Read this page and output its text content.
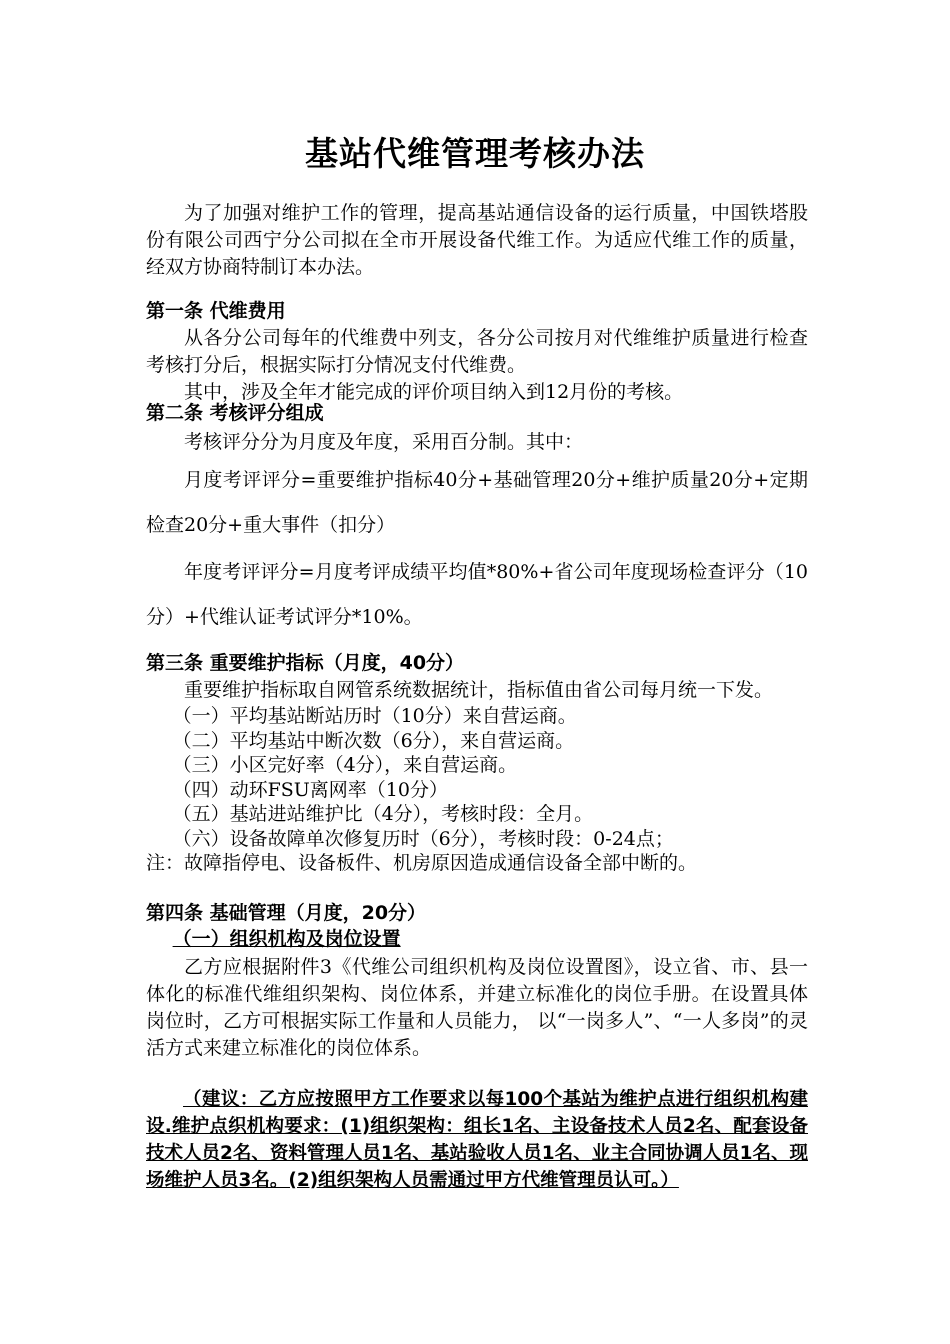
基站代维管理考核办法

为了加强对维护工作的管理，提高基站通信设备的运行质量，中国铁塔股份有限公司西宁分公司拟在全市开展设备代维工作。为适应代维工作的质量，经双方协商特制订本办法。

第一条 代维费用

从各分公司每年的代维费中列支，各分公司按月对代维维护质量进行检查考核打分后，根据实际打分情况支付代维费。

其中，涉及全年才能完成的评价项目纳入到12月份的考核。

第二条 考核评分组成

考核评分分为月度及年度，采用百分制。其中：

月度考评评分=重要维护指标40分+基础管理20分+维护质量20分+定期检查20分+重大事件（扣分）

年度考评评分=月度考评成绩平均值*80%+省公司年度现场检查评分（10分）+代维认证考试评分*10%。

第三条 重要维护指标（月度，40分）

重要维护指标取自网管系统数据统计，指标值由省公司每月统一下发。

（一）平均基站断站历时（10分）来自营运商。

（二）平均基站中断次数（6分），来自营运商。

（三）小区完好率（4分），来自营运商。

（四）动环FSU离网率（10分）

（五）基站进站维护比（4分），考核时段：全月。

（六）设备故障单次修复历时（6分），考核时段：0-24点；

注：故障指停电、设备板件、机房原因造成通信设备全部中断的。

第四条 基础管理（月度，20分）

（一）组织机构及岗位设置

乙方应根据附件3《代维公司组织机构及岗位设置图》，设立省、市、县一体化的标准代维组织架构、岗位体系，并建立标准化的岗位手册。在设置具体岗位时，乙方可根据实际工作量和人员能力， 以“一岗多人”、“一人多岗”的灵活方式来建立标准化的岗位体系。

（建议：乙方应按照甲方工作要求以每100个基站为维护点进行组织机构建设.维护点织机构要求：(1)组织架构：组长1名、主设备技术人员2名、配套设备技术人员2名、资料管理人员1名、基站验收人员1名、业主合同协调人员1名、现场维护人员3名。(2)组织架构人员需通过甲方代维管理员认可。）
